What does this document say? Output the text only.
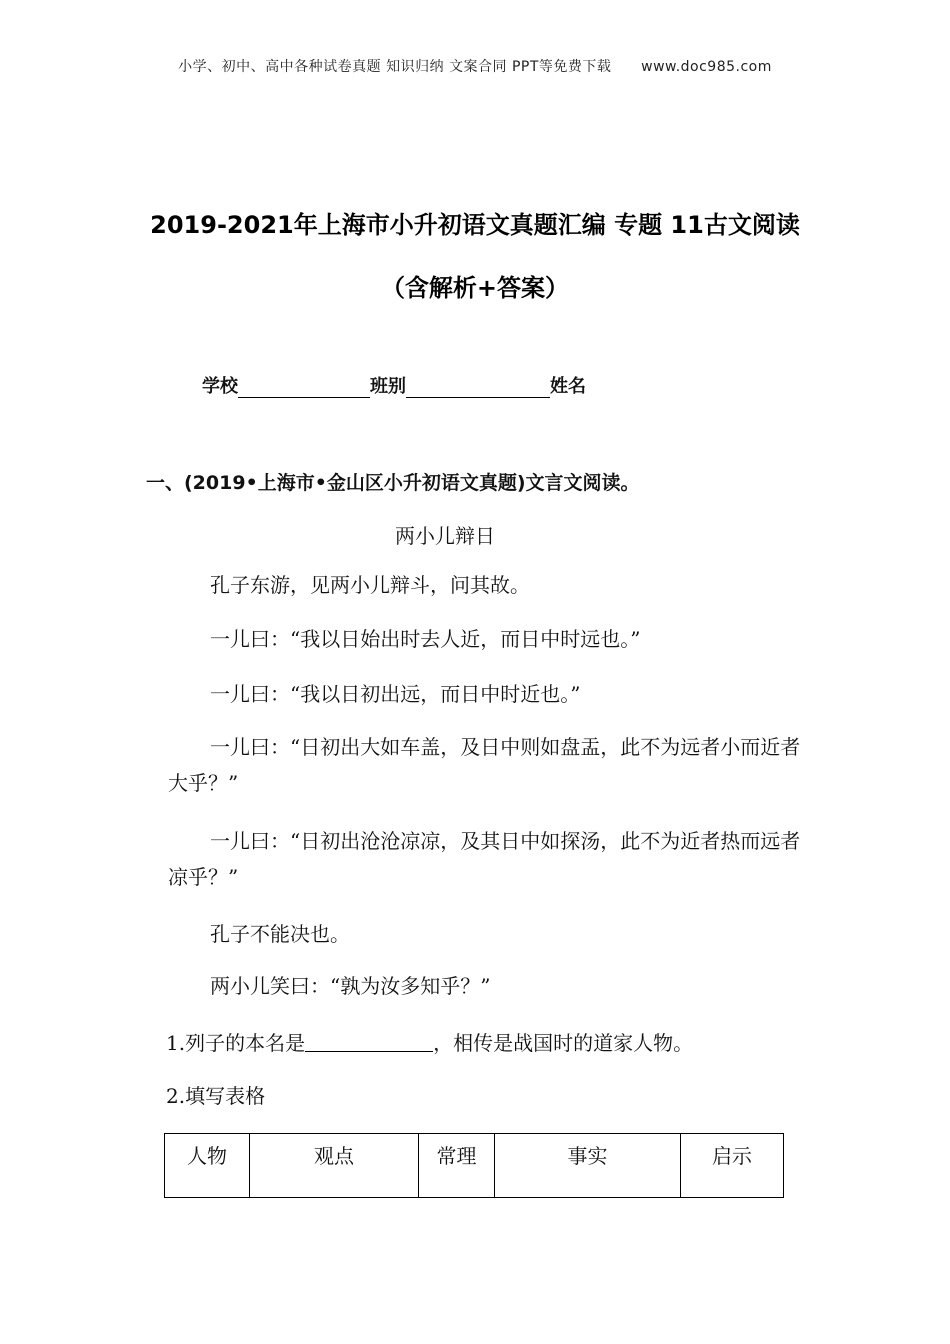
小学、初中、高中各种试卷真题 知识归纳 文案合同 PPT等免费下载 www.doc985.com
2019-2021年上海市小升初语文真题汇编 专题 11古文阅读
（含解析+答案）
学校	班别	姓名
一、(2019•上海市•金山区小升初语文真题)文言文阅读。
两小儿辩日
孔子东游，见两小儿辩斗，问其故。
一儿曰：“我以日始出时去人近，而日中时远也。”
一儿曰：“我以日初出远，而日中时近也。”
一儿曰：“日初出大如车盖，及日中则如盘盂，此不为远者小而近者大乎？”
一儿曰：“日初出沧沧凉凉，及其日中如探汤，此不为近者热而远者凉乎？”
孔子不能决也。
两小儿笑曰：“孰为汝多知乎？”
1.列子的本名是	，相传是战国时的道家人物。
2.填写表格
人物	观点	常理	事实	启示
